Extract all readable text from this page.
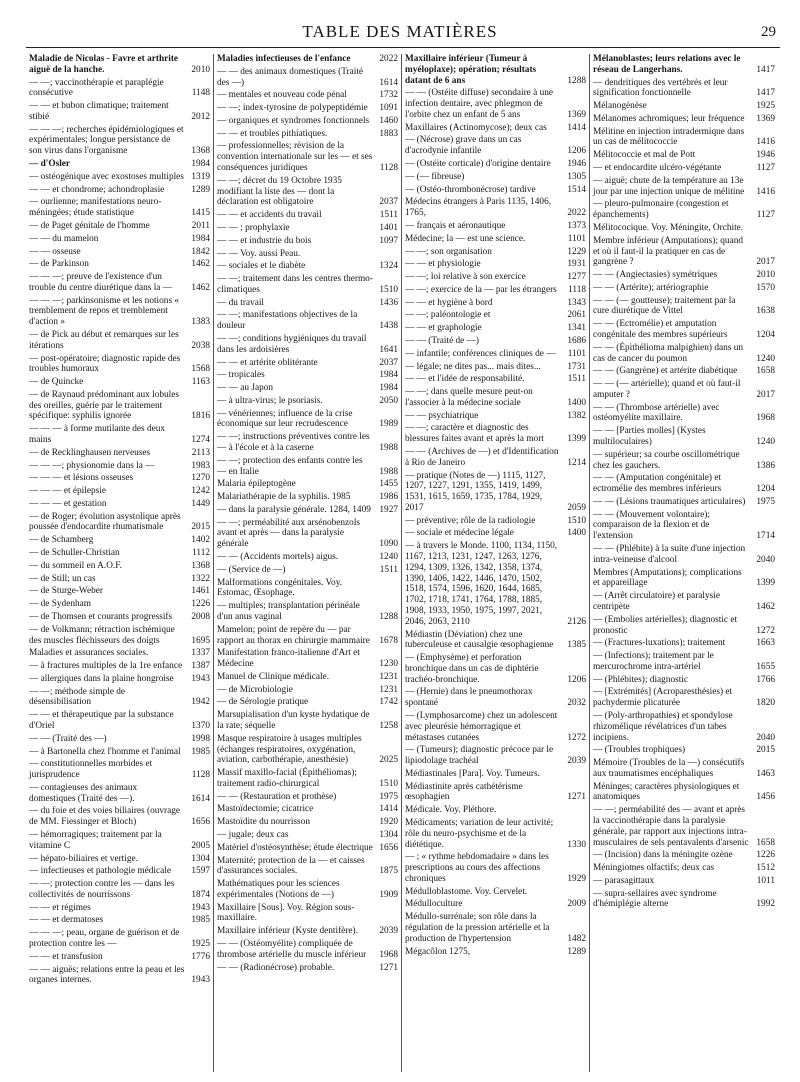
TABLE DES MATIÈRES	29
Maladie de Nicolas - Favre et arthrite aiguë de la hanche.	2010
— —; vaccinothérapie et paraplégie consécutive	1148
— — et bubon climatique; traitement stibié	2012
— — —; recherches épidémiologiques et expérimentales; longue persistance de son virus dans l'organisme	1368
— d'Osler	1984
— ostéogénique avec exostoses multiples 1319
— — et chondrome; achondroplasie	1289
— ourlienne; manifestations neuro-méningées; étude statistique	1415
— de Paget génitale de l'homme	2011
— — du mamelon	1984
— — osseuse	1842
— de Parkinson	1462
— — —; preuve de l'existence d'un trouble du centre diurétique dans la —	1462
— — —; parkinsonisme et les notions « tremblement de repos et tremblement d'action »	1383
— de Pick au début et remarques sur les itérations	2038
— post-opératoire; diagnostic rapide des troubles humoraux	1568
— de Quincke	1163
— de Raynaud prédominant aux lobules des oreilles, guérie par le traitement spécifique: syphilis ignorée	1816
— — — à forme mutilante des deux mains	1274
— de Recklinghausen nerveuses	2113
— — —; physionomie dans la —	1983
— — — et lésions osseuses	1270
— — — et épilepsie	1242
— — — et gestation	1449
— de Roger; évolution asystolique après poussée d'endocardite rhumatismale	2015
— de Schamberg	1402
— de Schuller-Christian	1112
— du sommeil en A.O.F.	1368
— de Still; un cas	1322
— de Sturge-Weber	1461
— de Sydenham	1226
— de Thomsen et courants progressifs	2008
— de Volkmann; rétraction ischémique des muscles fléchisseurs des doigts	1695
Maladies et assurances sociales.	1337
— à fractures multiples de la 1re enfance	1387
— allergiques dans la plaine hongroise	1943
— —; méthode simple de désensibilisation	1942
— — et thérapeutique par la substance d'Oriel	1370
— — (Traité des —)	1998
— à Bartonella chez l'homme et l'animal	1985
— constitutionnelles morbides et jurisprudence	1128
— contagieuses des animaux domestiques (Traité des —).	1614
— du foie et des voies biliaires (ouvrage de MM. Fiessinger et Bloch)	1656
— hémorragiques; traitement par la vitamine C	2005
— hépato-biliaires et vertige.	1304
— infectieuses et pathologie médicale	1597
— —; protection contre les — dans les collectivités de nourrissons	1874
— — et régimes	1943
— — et dermatoses	1985
— — —; peau, organe de guérison et de protection contre les —	1925
— — et transfusion	1776
— — aiguës; relations entre la peau et les organes internes.	1943
Maladies infectieuses de l'enfance	2022
— — des animaux domestiques (Traité des —)	1614
— mentales et nouveau code pénal	1732
— —; index-tyrosine de polypeptidémie	1091
— organiques et syndromes fonctionnels	1460
— — et troubles pithiatiques.	1883
— professionnelles; révision de la convention internationale sur les — et ses conséquences juridiques	1128
— —; décret du 19 Octobre 1935 modifiant la liste des — dont la déclaration est obligatoire	2037
— — et accidents du travail	1511
— — ; prophylaxie	1401
— — et industrie du bois	1097
— — Voy. aussi Peau.
— sociales et le diabète	1324
— —; traitement dans les centres thermo-climatiques	1510
— du travail	1436
— —; manifestations objectives de la douleur	1438
— —; conditions hygiéniques du travail dans les ardoisières	1641
— — et artérite oblitérante	2037
— tropicales	1984
— — au Japon	1984
— à ultra-virus; le psoriasis.	2050
— vénériennes; influence de la crise économique sur leur recrudescence	1989
— —; instructions préventives contre les — à l'école et à la caserne	1988
— —; protection des enfants contre les — en Italie	1988
Malaria épileptogène	1455
Malariathérapie de la syphilis. 1985	1986
— dans la paralysie générale. 1284, 1409 1927
— —; perméabilité aux arsénobenzols avant et après — dans la paralysie générale	1090
— — (Accidents mortels) aigus.	1240
— (Service de —)	1511
Malformations congénitales. Voy. Estomac, Œsophage.
— multiples; transplantation périnéale d'un anus vaginal	1288
Mamelon; point de repère du — par rapport au thorax en chirurgie mammaire	1678
Manifestation franco-italienne d'Art et Médecine	1230
Manuel de Clinique médicale.	1231
— de Microbiologie	1231
— de Sérologie pratique	1742
Marsupialisation d'un kyste hydatique de la rate; séquelle	1258
Masque respiratoire à usages multiples (échanges respiratoires, oxygénation, aviation, carbothérapie, anesthésie)	2025
Massif maxillo-facial (Épithéliomas); traitement radio-chirurgical	1510
— — (Restauration et prothèse)	1975
Mastoïdectomie; cicatrice	1414
Mastoïdite du nourrisson	1920
— jugale; deux cas	1304
Matériel d'ostéosynthèse; étude électrique 1656
Maternité; protection de la — et caisses d'assurances sociales.	1875
Mathématiques pour les sciences expérimentales (Notions de —)	1909
Maxillaire [Sous]. Voy. Région sous-maxillaire.
Maxillaire inférieur (Kyste dentifère).	2039
— — (Ostéomyélite) compliquée de thrombose artérielle du muscle inférieur	1968
— — (Radionécrose) probable.	1271
Maxillaire inférieur (Tumeur à myéloplaxe); opération; résultats datant de 6 ans	1288
— — (Ostéite diffuse) secondaire à une infection dentaire, avec phlegmon de l'orbite chez un enfant de 5 ans	1369
Maxillaires (Actinomycose); deux cas	1414
— (Nécrose) grave dans un cas d'acrodynie infantile	1206
— (Ostéite corticale) d'origine dentaire	1946
— (— fibreuse)	1305
— (Ostéo-thrombonécrose) tardive	1514
Médecins étrangers à Paris 1135, 1406, 1765,	2022
— français et aéronautique	1373
Médecine; la — est une science.	1101
— —; son organisation	1229
— — et physiologie	1931
— —; loi relative à son exercice	1277
— —; exercice de la — par les étrangers	1118
— — et hygiène à bord	1343
— —; paléontologie et	2061
— — et graphologie	1341
— — (Traité de —)	1686
— infantile; conférences cliniques de —	1101
— légale; ne dites pas... mais dites...	1731
— — et l'idée de responsabilité.	1511
— —; dans quelle mesure peut-on l'associer à la médecine sociale	1400
— — psychiatrique	1382
— —; caractère et diagnostic des blessures faites avant et après la mort	1399
— — (Archives de —) et d'Identification à Rio de Janeiro	1214
— pratique (Notes de —) 1115, 1127, 1207, 1227, 1291, 1355, 1419, 1499, 1531, 1615, 1659, 1735, 1784, 1929, 2017	2059
— préventive; rôle de la radiologie	1510
— sociale et médecine légale	1400
— à travers le Monde. 1100, 1134, 1150, 1167, 1213, 1231, 1247, 1263, 1276, 1294, 1309, 1326, 1342, 1358, 1374, 1390, 1406, 1422, 1446, 1470, 1502, 1518, 1574, 1596, 1620, 1644, 1685, 1702, 1718, 1741, 1764, 1788, 1885, 1908, 1933, 1950, 1975, 1997, 2021, 2046, 2063, 2110	2126
Médiastin (Déviation) chez une tuberculeuse et causalgie œsophagienne	1385
— (Emphysème) et perforation bronchique dans un cas de diphtérie trachéo-bronchique.	1206
— (Hernie) dans le pneumothorax spontané	2032
— (Lymphosarcome) chez un adolescent avec pleurésie hémorragique et métastases cutanées	1272
— (Tumeurs); diagnostic précoce par le lipiodolage trachéal	2039
Médiastinales [Para]. Voy. Tumeurs.
Médiastinite après cathétérisme œsophagien	1271
Médicale. Voy. Pléthore.
Médicaments; variation de leur activité; rôle du neuro-psychisme et de la diététique.	1330
— ; « rythme hebdomadaire » dans les prescriptions au cours des affections chroniques	1929
Médulloblastome. Voy. Cervelet.
Médulloculture	2009
Médullo-surrénale; son rôle dans la régulation de la pression artérielle et la production de l'hypertension	1482
Mégacôlon 1275,	1289
Mélanoblastes; leurs relations avec le réseau de Langerhans.	1417
— dendritiques des vertébrés et leur signification fonctionnelle	1417
Mélanogénèse	1925
Mélanomes achromiques; leur fréquence	1369
Mélitine en injection intradermique dans un cas de mélitococcie	1416
Mélitococcie et mal de Pott	1946
— et endocardite ulcéro-végétante	1127
— aiguë; chute de la température au 13e jour par une injection unique de mélitine	1416
— pleuro-pulmonaire (congestion et épanchements)	1127
Mélitococique. Voy. Méningite, Orchite.
Membre inférieur (Amputations); quand et où il faut-il la pratiquer en cas de gangrène ?	2017
— — (Angiectasies) symétriques	2010
— — (Artérite); artériographie	1570
— — (— goutteuse); traitement par la cure diurétique de Vittel	1638
— — (Ectromélie) et amputation congénitale des membres supérieurs	1204
— — (Épithélioma malpighien) dans un cas de cancer du poumon	1240
— — (Gangrène) et artérite diabétique	1658
— — (— artérielle); quand et où faut-il amputer ?	2017
— — (Thrombose artérielle) avec ostéomyélite maxillaire.	1968
— — [Parties molles] (Kystes multiloculaires)	1240
— supérieur; sa courbe oscillométrique chez les gauchers.	1386
— — (Amputation congénitale) et ectromélie des membres inférieurs	1204
— — (Lésions traumatiques articulaires)	1975
— — (Mouvement volontaire); comparaison de la flexion et de l'extension	1714
— — (Phlébite) à la suite d'une injection intra-veineuse d'alcool	2040
Membres (Amputations); complications et appareillage	1399
— (Arrêt circulatoire) et paralysie centripète	1462
— (Embolies artérielles); diagnostic et pronostic	1272
— (Fractures-luxations); traitement	1663
— (Infections); traitement par le mercurochrome intra-artériel	1655
— (Phlébites); diagnostic	1766
— [Extrémités] (Acroparesthésies) et pachydermie plicaturée	1820
— (Poly-arthropathies) et spondylose rhizomélique révélatrices d'un tabes incipiens.	2040
— (Troubles trophiques)	2015
Mémoire (Troubles de la —) consécutifs aux traumatismes encéphaliques	1463
Méninges; caractères physiologiques et anatomiques	1456
— —; perméabilité des — avant et après la vaccinothérapie dans la paralysie générale, par rapport aux injections intra-musculaires de sels pentavalents d'arsenic 1658
— (Incision) dans la méningite ozène	1226
Méningiomes olfactifs; deux cas	1512
— parasagittaux	1011
— supra-sellaires avec syndrome d'hémiplégie alterne	1992
